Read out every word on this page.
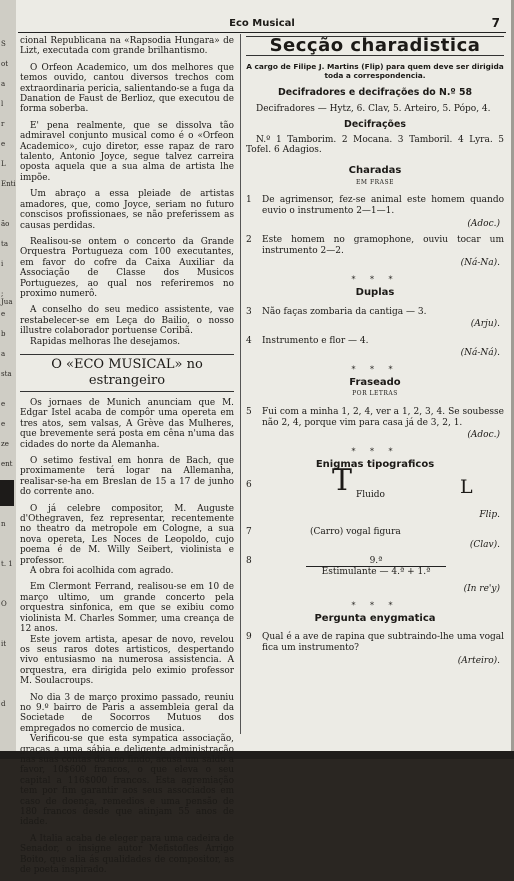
S
ot
a
l
r
e
L
Enti
ão
ta
i
; Jua
e
b
a
sta
e
e
ze
ent
n
t. 1
O
it
d
Eco Musical	7

cional Republicana na «Rapsodia Hungara» de Lizt, executada com grande brilhantismo.

O Orfeon Academico, um dos melhores que temos ouvido, cantou diversos trechos com extraordinaria pericia, salientando-se a fuga da Danation de Faust de Berlioz, que executou de forma soberba.

E' pena realmente, que se dissolva tão admiravel conjunto musical como é o «Orfeon Academico», cujo diretor, esse rapaz de raro talento, Antonio Joyce, segue talvez carreira oposta aquela que a sua alma de artista lhe impõe.

Um abraço a essa pleiade de artistas amadores, que, como Joyce, seriam no futuro conscisos profissionaes, se não preferissem as causas perdidas.

Realisou-se ontem o concerto da Grande Orquestra Portugueza com 100 executantes, em favor do cofre da Caixa Auxiliar da Associação de Classe dos Musicos Portuguezes, ao qual nos referiremos no proximo numerô.

A conselho do seu medico assistente, vae restabelecer-se em Leça do Bailio, o nosso illustre colaborador portuense Coribã.

Rapidas melhoras lhe desejamos.

O «ECO MUSICAL» no estrangeiro

Os jornaes de Munich anunciam que M. Edgar Istel acaba de compôr uma opereta em tres atos, sem valsas, A Grève das Mulheres, que brevemente será posta em cêna n'uma das cidades do norte da Alemanha.

O setimo festival em honra de Bach, que proximamente terá logar na Allemanha, realisar-se-ha em Breslan de 15 a 17 de junho do corrente ano.

O já celebre compositor, M. Auguste d'Othegraven, fez representar, recentemente no theatro da metropole em Cologne, a sua nova opereta, Les Noces de Leopoldo, cujo poema é de M. Willy Seibert, violinista e professor.

A obra foi acolhida com agrado.

Em Clermont Ferrand, realisou-se em 10 de março ultimo, um grande concerto pela orquestra sinfonica, em que se exibiu como violinista M. Charles Sommer, uma creança de 12 anos.

Este jovem artista, apesar de novo, revelou os seus raros dotes artisticos, despertando vivo entusiasmo na numerosa assistencia. A orquestra, era dirigida pelo eximio professor M. Soulacroups.

No dia 3 de março proximo passado, reuniu no 9.º bairro de Paris a assembleia geral da Societade de Socorros Mutuos dos empregados no comercio de musica.

Verificou-se que esta sympatica associação, graças a uma sábia e deligente administração nas suas contas do ano findo, acusa um saldo a favor, 10$600 francos, o que eleva o seu capital a 116$000 francos. Esta agremiação tem por fim garantir aos seus associados em caso de doença, remedios e uma pensão de 180 francos desde que atinjam 55 anos de idade.

A Italia acaba de eleger para uma cadeira de Senador, o insigne autor Mefistofles Arrigo Boito, que alia ás qualidades de compositor, as de poeta inspirado.

Secção charadistica
A cargo de Filipe J. Martins (Flip) para quem deve ser dirigida toda a correspondencia.
Decifradores e decifrações do N.º 58
Decifradores — Hytz, 6. Clav, 5. Arteiro, 5. Pópo, 4.
Decifrações
N.º 1 Tamborim. 2 Mocana. 3 Tamboril. 4 Lyra. 5 Tofel. 6 Adagios.
Charadas
EM FRASE
1	De agrimensor, fez-se animal este homem quando euvio o instrumento 2—1—1.
(Adoc.)
2	Este homem no gramophone, ouviu tocar um instrumento 2—2.
(Ná-Na).
* * *
Duplas
3	Não faças zombaria da cantiga — 3.
(Arju).
4	Instrumento e flor — 4.
(Ná-Ná).
* * *
Fraseado
POR LETRAS
5	Fui com a minha 1, 2, 4, ver a 1, 2, 3, 4. Se soubesse não 2, 4, porque vim para casa já de 3, 2, 1.
(Adoc.)
* * *
Enigmas tipograficos
6	T Fluido	L
Flip.
7	(Carro) vogal figura
(Clav).
8	9.ª
Estimulante — 4.ª + 1.ª
(In re'y)
* * *
Pergunta enygmatica
9	Qual é a ave de rapina que subtraindo-lhe uma vogal fica um instrumento?
(Arteiro).
